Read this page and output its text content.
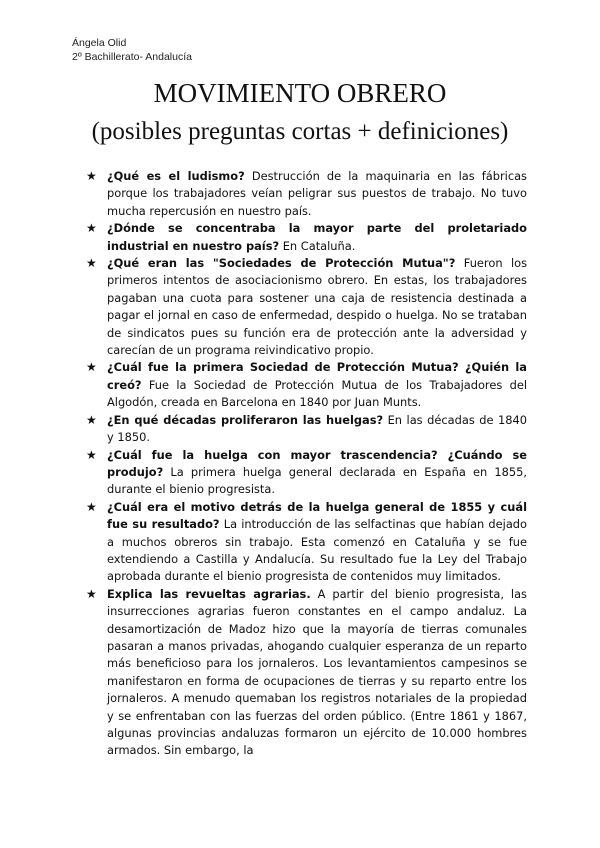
Ángela Olid
2º Bachillerato- Andalucía
MOVIMIENTO OBRERO
(posibles preguntas cortas + definiciones)
★ ¿Qué es el ludismo? Destrucción de la maquinaria en las fábricas porque los trabajadores veían peligrar sus puestos de trabajo. No tuvo mucha repercusión en nuestro país.

★ ¿Dónde se concentraba la mayor parte del proletariado industrial en nuestro país? En Cataluña.

★ ¿Qué eran las "Sociedades de Protección Mutua"? Fueron los primeros intentos de asociacionismo obrero. En estas, los trabajadores pagaban una cuota para sostener una caja de resistencia destinada a pagar el jornal en caso de enfermedad, despido o huelga. No se trataban de sindicatos pues su función era de protección ante la adversidad y carecían de un programa reivindicativo propio.

★ ¿Cuál fue la primera Sociedad de Protección Mutua? ¿Quién la creó? Fue la Sociedad de Protección Mutua de los Trabajadores del Algodón, creada en Barcelona en 1840 por Juan Munts.

★ ¿En qué décadas proliferaron las huelgas? En las décadas de 1840 y 1850.

★ ¿Cuál fue la huelga con mayor trascendencia? ¿Cuándo se produjo? La primera huelga general declarada en España en 1855, durante el bienio progresista.

★ ¿Cuál era el motivo detrás de la huelga general de 1855 y cuál fue su resultado? La introducción de las selfactinas que habían dejado a muchos obreros sin trabajo. Esta comenzó en Cataluña y se fue extendiendo a Castilla y Andalucía. Su resultado fue la Ley del Trabajo aprobada durante el bienio progresista de contenidos muy limitados.

★ Explica las revueltas agrarias. A partir del bienio progresista, las insurrecciones agrarias fueron constantes en el campo andaluz. La desamortización de Madoz hizo que la mayoría de tierras comunales pasaran a manos privadas, ahogando cualquier esperanza de un reparto más beneficioso para los jornaleros. Los levantamientos campesinos se manifestaron en forma de ocupaciones de tierras y su reparto entre los jornaleros. A menudo quemaban los registros notariales de la propiedad y se enfrentaban con las fuerzas del orden público. (Entre 1861 y 1867, algunas provincias andaluzas formaron un ejército de 10.000 hombres armados. Sin embargo, la
